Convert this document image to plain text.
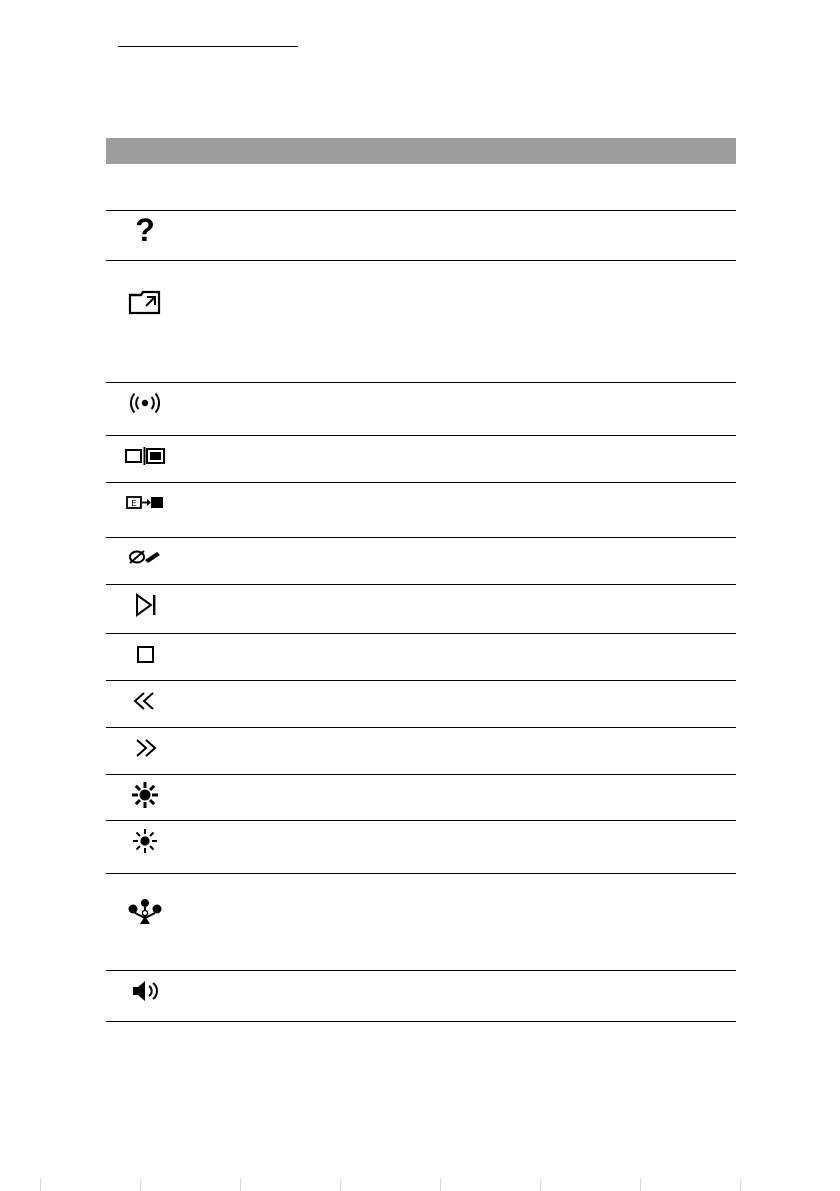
?
E
